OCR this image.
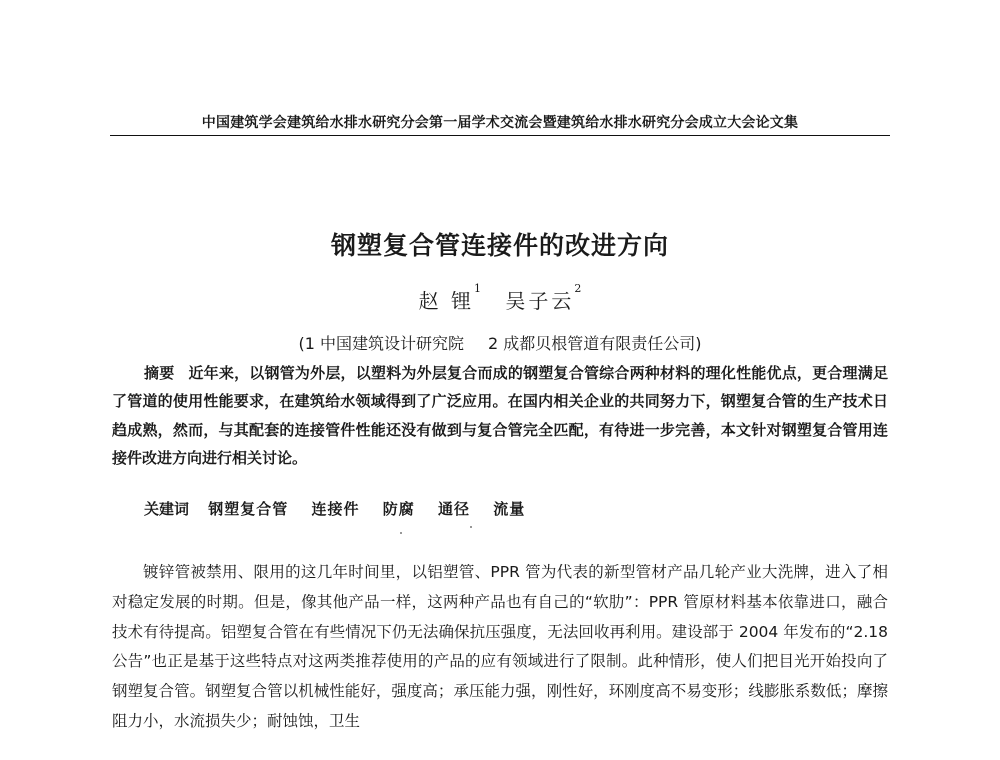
中国建筑学会建筑给水排水研究分会第一届学术交流会暨建筑给水排水研究分会成立大会论文集
钢塑复合管连接件的改进方向
赵 锂$^1$ 吴子云$^2$
(1 中国建筑设计研究院 2 成都贝根管道有限责任公司)
摘要 近年来，以钢管为外层，以塑料为外层复合而成的钢塑复合管综合两种材料的理化性能优点，更合理满足了管道的使用性能要求，在建筑给水领域得到了广泛应用。在国内相关企业的共同努力下，钢塑复合管的生产技术日趋成熟，然而，与其配套的连接管件性能还没有做到与复合管完全匹配，有待进一步完善，本文针对钢塑复合管用连接件改进方向进行相关讨论。
关建词 钢塑复合管 连接件 防腐 通径 流量
镀锌管被禁用、限用的这几年时间里，以铝塑管、PPR 管为代表的新型管材产品几轮产业大洗牌，进入了相对稳定发展的时期。但是，像其他产品一样，这两种产品也有自己的“软肋”：PPR 管原材料基本依靠进口，融合技术有待提高。铝塑复合管在有些情况下仍无法确保抗压强度，无法回收再利用。建设部于 2004 年发布的“2.18 公告”也正是基于这些特点对这两类推荐使用的产品的应有领域进行了限制。此种情形，使人们把目光开始投向了钢塑复合管。钢塑复合管以机械性能好，强度高；承压能力强，刚性好，环刚度高不易变形；线膨胀系数低；摩擦阻力小，水流损失少；耐蚀蚀，卫生
